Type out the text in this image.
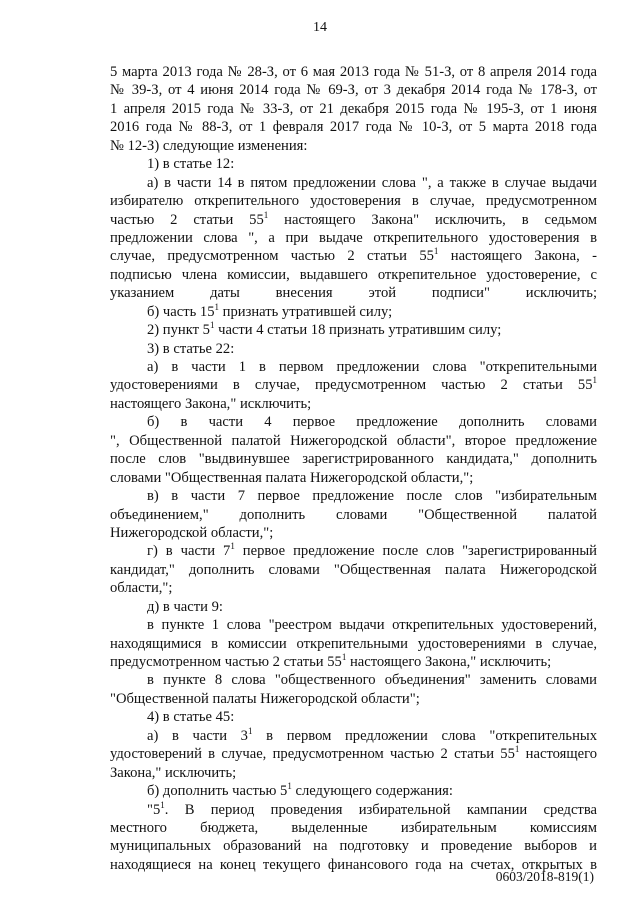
14
5 марта 2013 года № 28-З, от 6 мая 2013 года № 51-З, от 8 апреля 2014 года
№ 39-З, от 4 июня 2014 года № 69-З, от 3 декабря 2014 года № 178-З, от
1 апреля 2015 года № 33-З, от 21 декабря 2015 года № 195-З, от 1 июня
2016 года № 88-З, от 1 февраля 2017 года № 10-З, от 5 марта 2018 года
№ 12-З) следующие изменения:
1) в статье 12:
а) в части 14 в пятом предложении слова ", а также в случае выдачи
избирателю открепительного удостоверения в случае, предусмотренном
частью 2 статьи $55^1$ настоящего Закона" исключить, в седьмом
предложении слова ", а при выдаче открепительного удостоверения в
случае, предусмотренном частью 2 статьи $55^1$ настоящего Закона, -
подписью члена комиссии, выдавшего открепительное удостоверение, с
указанием даты внесения этой подписи" исключить;
б) часть $15^1$ признать утратившей силу;
2) пункт $5^1$ части 4 статьи 18 признать утратившим силу;
3) в статье 22:
а) в части 1 в первом предложении слова "открепительными
удостоверениями в случае, предусмотренном частью 2 статьи $55^1$
настоящего Закона," исключить;
б) в части 4 первое предложение дополнить словами
", Общественной палатой Нижегородской области", второе предложение
после слов "выдвинувшее зарегистрированного кандидата," дополнить
словами "Общественная палата Нижегородской области,";
в) в части 7 первое предложение после слов "избирательным
объединением," дополнить словами "Общественной палатой
Нижегородской области,";
г) в части $7^1$ первое предложение после слов "зарегистрированный
кандидат," дополнить словами "Общественная палата Нижегородской
области,";
д) в части 9:
в пункте 1 слова "реестром выдачи открепительных удостоверений,
находящимися в комиссии открепительными удостоверениями в случае,
предусмотренном частью 2 статьи $55^1$ настоящего Закона," исключить;
в пункте 8 слова "общественного объединения" заменить словами
"Общественной палаты Нижегородской области";
4) в статье 45:
а) в части $3^1$ в первом предложении слова "открепительных
удостоверений в случае, предусмотренном частью 2 статьи $55^1$ настоящего
Закона," исключить;
б) дополнить частью $5^1$ следующего содержания:
"$5^1$. В период проведения избирательной кампании средства
местного бюджета, выделенные избирательным комиссиям
муниципальных образований на подготовку и проведение выборов и
находящиеся на конец текущего финансового года на счетах, открытых в
0603/2018-819(1)
